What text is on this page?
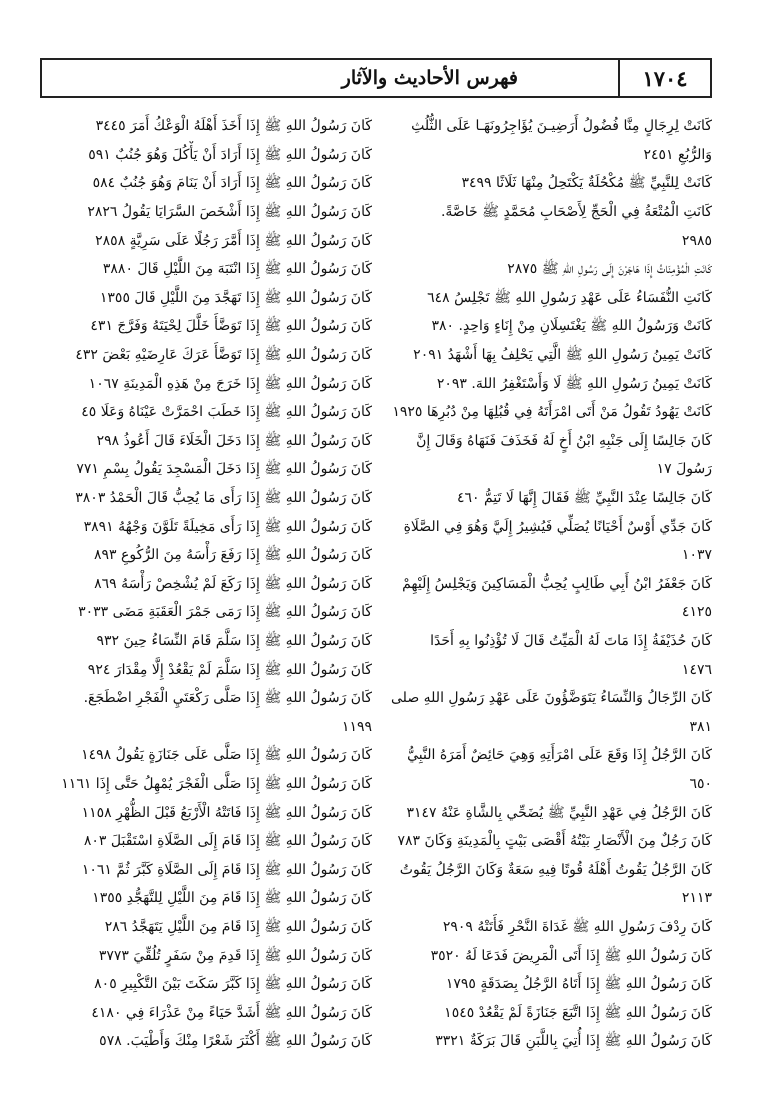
١٧٠٤
فهرس الأحاديث والآثار
كَانَتْ لِرِجَالٍ مِنَّا فُضُولُ أَرَضِيـنَ يُؤَاجِرُونَهَـا عَلَى الثُّلُثِ
وَالرُّبُعِ ٢٤٥١
كَانَتْ لِلنَّبِيِّ ﷺ مُكْحُلَةٌ يَكْتَحِلُ مِنْهَا ثَلَاثًا ٣٤٩٩
كَانَتِ الْمُتْعَةُ فِي الْحَجِّ لِأَصْحَابِ مُحَمَّدٍ ﷺ خَاصَّةً.
٢٩٨٥
كَانَتِ الْمُؤْمِنَاتُ إِذَا هَاجَرْنَ إِلَى رَسُولِ اللهِ ﷺ ٢٨٧٥
كَانَتِ النُّفَسَاءُ عَلَى عَهْدِ رَسُولِ اللهِ ﷺ تَجْلِسُ ٦٤٨
كَانَتْ وَرَسُولُ اللهِ ﷺ يَغْتَسِلَانِ مِنْ إِنَاءٍ وَاحِدٍ. ٣٨٠
كَانَتْ يَمِينُ رَسُولِ اللهِ ﷺ الَّتِي يَحْلِفُ بِهَا أَشْهَدُ ٢٠٩١
كَانَتْ يَمِينُ رَسُولِ اللهِ ﷺ لَا وَأَسْتَغْفِرُ اللهَ. ٢٠٩٣
كَانَتْ يَهُودُ تَقُولُ مَنْ أَتَى امْرَأَتَهُ فِي قُبُلِهَا مِنْ دُبُرِهَا ١٩٢٥
كَانَ جَالِسًا إِلَى جَنْبِهِ ابْنُ أَخٍ لَهُ فَخَذَفَ فَنَهَاهُ وَقَالَ إِنَّ
رَسُولَ ١٧
كَانَ جَالِسًا عِنْدَ النَّبِيِّ ﷺ فَقَالَ إِنَّهَا لَا تَتِمُّ ٤٦٠
كَانَ جَدِّي أَوْسٌ أَحْيَانًا يُصَلِّي فَيُشِيرُ إِلَيَّ وَهُوَ فِي الصَّلَاةِ
١٠٣٧
كَانَ جَعْفَرُ ابْنُ أَبِي طَالِبٍ يُحِبُّ الْمَسَاكِينَ وَيَجْلِسُ إِلَيْهِمْ
٤١٢٥
كَانَ حُذَيْفَةُ إِذَا مَاتَ لَهُ الْمَيِّتُ قَالَ لَا تُؤْذِنُوا بِهِ أَحَدًا
١٤٧٦
كَانَ الرِّجَالُ وَالنِّسَاءُ يَتَوَضَّؤُونَ عَلَى عَهْدِ رَسُولِ اللهِ صلى
٣٨١
كَانَ الرَّجُلُ إِذَا وَقَعَ عَلَى امْرَأَتِهِ وَهِيَ حَائِضٌ أَمَرَهُ النَّبِيُّ
٦٥٠
كَانَ الرَّجُلُ فِي عَهْدِ النَّبِيِّ ﷺ يُضَحِّي بِالشَّاةِ عَنْهُ ٣١٤٧
كَانَ رَجُلٌ مِنَ الْأَنْصَارِ بَيْتُهُ أَقْصَى بَيْتٍ بِالْمَدِينَةِ وَكَانَ ٧٨٣
كَانَ الرَّجُلُ يَقُوتُ أَهْلَهُ قُوتًا فِيهِ سَعَةٌ وَكَانَ الرَّجُلُ يَقُوتُ
٢١١٣
كَانَ رِدْفَ رَسُولِ اللهِ ﷺ غَدَاةَ النَّحْرِ فَأَتَتْهُ ٢٩٠٩
كَانَ رَسُولُ اللهِ ﷺ إِذَا أَتَى الْمَرِيضَ فَدَعَا لَهُ ٣٥٢٠
كَانَ رَسُولُ اللهِ ﷺ إِذَا أَتَاهُ الرَّجُلُ بِصَدَقَةٍ ١٧٩٥
كَانَ رَسُولُ اللهِ ﷺ إِذَا اتَّبَعَ جَنَازَةً لَمْ يَقْعُدْ ١٥٤٥
كَانَ رَسُولُ اللهِ ﷺ إِذَا أُتِيَ بِاللَّبَنِ قَالَ بَرَكَةٌ ٣٣٢١
كَانَ رَسُولُ اللهِ ﷺ إِذَا أَخَذَ أَهْلَهُ الْوَعْكُ أَمَرَ ٣٤٤٥
كَانَ رَسُولُ اللهِ ﷺ إِذَا أَرَادَ أَنْ يَأْكُلَ وَهُوَ جُنُبٌ ٥٩١
كَانَ رَسُولُ اللهِ ﷺ إِذَا أَرَادَ أَنْ يَنَامَ وَهُوَ جُنُبٌ ٥٨٤
كَانَ رَسُولُ اللهِ ﷺ إِذَا أَشْخَصَ السَّرَايَا يَقُولُ ٢٨٢٦
كَانَ رَسُولُ اللهِ ﷺ إِذَا أَمَّرَ رَجُلًا عَلَى سَرِيَّةٍ ٢٨٥٨
كَانَ رَسُولُ اللهِ ﷺ إِذَا انْتَبَهَ مِنَ اللَّيْلِ قَالَ ٣٨٨٠
كَانَ رَسُولُ اللهِ ﷺ إِذَا تَهَجَّدَ مِنَ اللَّيْلِ قَالَ ١٣٥٥
كَانَ رَسُولُ اللهِ ﷺ إِذَا تَوَضَّأَ خَلَّلَ لِحْيَتَهُ وَفَرَّجَ ٤٣١
كَانَ رَسُولُ اللهِ ﷺ إِذَا تَوَضَّأَ عَرَكَ عَارِضَيْهِ بَعْضَ ٤٣٢
كَانَ رَسُولُ اللهِ ﷺ إِذَا خَرَجَ مِنْ هَذِهِ الْمَدِينَةِ ١٠٦٧
كَانَ رَسُولُ اللهِ ﷺ إِذَا خَطَبَ احْمَرَّتْ عَيْنَاهُ وَعَلَا ٤٥
كَانَ رَسُولُ اللهِ ﷺ إِذَا دَخَلَ الْخَلَاءَ قَالَ أَعُوذُ ٢٩٨
كَانَ رَسُولُ اللهِ ﷺ إِذَا دَخَلَ الْمَسْجِدَ يَقُولُ بِسْمِ ٧٧١
كَانَ رَسُولُ اللهِ ﷺ إِذَا رَأَى مَا يُحِبُّ قَالَ الْحَمْدُ ٣٨٠٣
كَانَ رَسُولُ اللهِ ﷺ إِذَا رَأَى مَخِيلَةً تَلَوَّنَ وَجْهُهُ ٣٨٩١
كَانَ رَسُولُ اللهِ ﷺ إِذَا رَفَعَ رَأْسَهُ مِنَ الرُّكُوعِ ٨٩٣
كَانَ رَسُولُ اللهِ ﷺ إِذَا رَكَعَ لَمْ يُشْخِصْ رَأْسَهُ ٨٦٩
كَانَ رَسُولُ اللهِ ﷺ إِذَا رَمَى جَمْرَ الْعَقَبَةِ مَضَى ٣٠٣٣
كَانَ رَسُولُ اللهِ ﷺ إِذَا سَلَّمَ قَامَ النِّسَاءُ حِينَ ٩٣٢
كَانَ رَسُولُ اللهِ ﷺ إِذَا سَلَّمَ لَمْ يَقْعُدْ إِلَّا مِقْدَارَ ٩٢٤
كَانَ رَسُولُ اللهِ ﷺ إِذَا صَلَّى رَكْعَتَيِ الْفَجْرِ اضْطَجَعَ.
١١٩٩
كَانَ رَسُولُ اللهِ ﷺ إِذَا صَلَّى عَلَى جَنَازَةٍ يَقُولُ ١٤٩٨
كَانَ رَسُولُ اللهِ ﷺ إِذَا صَلَّى الْفَجْرَ يُمْهِلُ حَتَّى إِذَا ١١٦١
كَانَ رَسُولُ اللهِ ﷺ إِذَا فَاتَتْهُ الْأَرْبَعُ قَبْلَ الظُّهْرِ ١١٥٨
كَانَ رَسُولُ اللهِ ﷺ إِذَا قَامَ إِلَى الصَّلَاةِ اسْتَقْبَلَ ٨٠٣
كَانَ رَسُولُ اللهِ ﷺ إِذَا قَامَ إِلَى الصَّلَاةِ كَبَّرَ ثُمَّ ١٠٦١
كَانَ رَسُولُ اللهِ ﷺ إِذَا قَامَ مِنَ اللَّيْلِ لِلتَّهَجُّدِ ١٣٥٥
كَانَ رَسُولُ اللهِ ﷺ إِذَا قَامَ مِنَ اللَّيْلِ يَتَهَجَّدُ ٢٨٦
كَانَ رَسُولُ اللهِ ﷺ إِذَا قَدِمَ مِنْ سَفَرٍ تُلُقِّيَ ٣٧٧٣
كَانَ رَسُولُ اللهِ ﷺ إِذَا كَبَّرَ سَكَتَ بَيْنَ التَّكْبِيرِ ٨٠٥
كَانَ رَسُولُ اللهِ ﷺ أَشَدَّ حَيَاءً مِنْ عَذْرَاءَ فِي ٤١٨٠
كَانَ رَسُولُ اللهِ ﷺ أَكْثَرَ شَعْرًا مِنْكَ وَأَطْيَبَ. ٥٧٨
